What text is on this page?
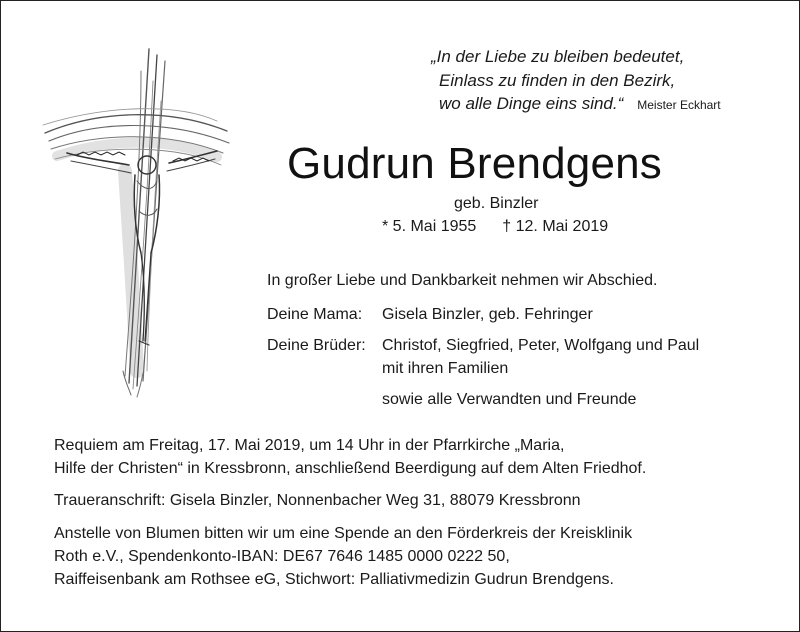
„In der Liebe zu bleiben bedeutet,
Einlass zu finden in den Bezirk,
wo alle Dinge eins sind.“ Meister Eckhart
Gudrun Brendgens
geb. Binzler
* 5. Mai 1955 † 12. Mai 2019
In großer Liebe und Dankbarkeit nehmen wir Abschied.
Deine Mama:	Gisela Binzler, geb. Fehringer
Deine Brüder:	Christof, Siegfried, Peter, Wolfgang und Paul
mit ihren Familien
sowie alle Verwandten und Freunde
Requiem am Freitag, 17. Mai 2019, um 14 Uhr in der Pfarrkirche „Maria,
Hilfe der Christen“ in Kressbronn, anschließend Beerdigung auf dem Alten Friedhof.
Traueranschrift: Gisela Binzler, Nonnenbacher Weg 31, 88079 Kressbronn
Anstelle von Blumen bitten wir um eine Spende an den Förderkreis der Kreisklinik
Roth e.V., Spendenkonto-IBAN: DE67 7646 1485 0000 0222 50,
Raiffeisenbank am Rothsee eG, Stichwort: Palliativmedizin Gudrun Brendgens.
